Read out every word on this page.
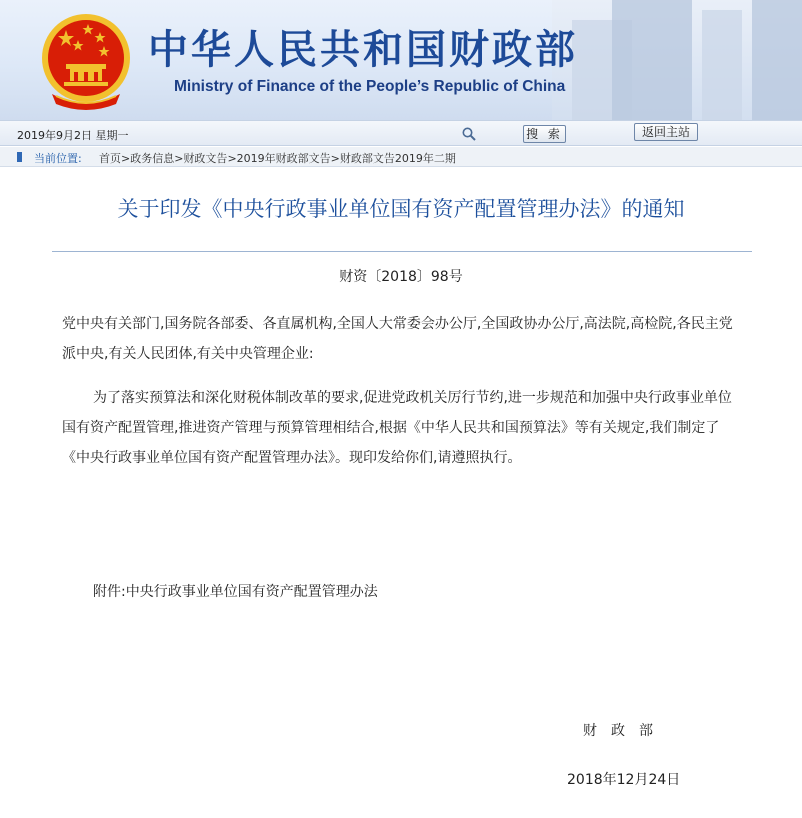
中华人民共和国财政部
Ministry of Finance of the People’s Republic of China
2019年9月2日 星期一	搜 索	返回主站
当前位置: 首页>政务信息>财政文告>2019年财政部文告>财政部文告2019年二期
关于印发《中央行政事业单位国有资产配置管理办法》的通知
财资〔2018〕98号
党中央有关部门,国务院各部委、各直属机构,全国人大常委会办公厅,全国政协办公厅,高法院,高检院,各民主党派中央,有关人民团体,有关中央管理企业:
为了落实预算法和深化财税体制改革的要求,促进党政机关厉行节约,进一步规范和加强中央行政事业单位国有资产配置管理,推进资产管理与预算管理相结合,根据《中华人民共和国预算法》等有关规定,我们制定了《中央行政事业单位国有资产配置管理办法》。现印发给你们,请遵照执行。
附件:中央行政事业单位国有资产配置管理办法
财政部
2018年12月24日
